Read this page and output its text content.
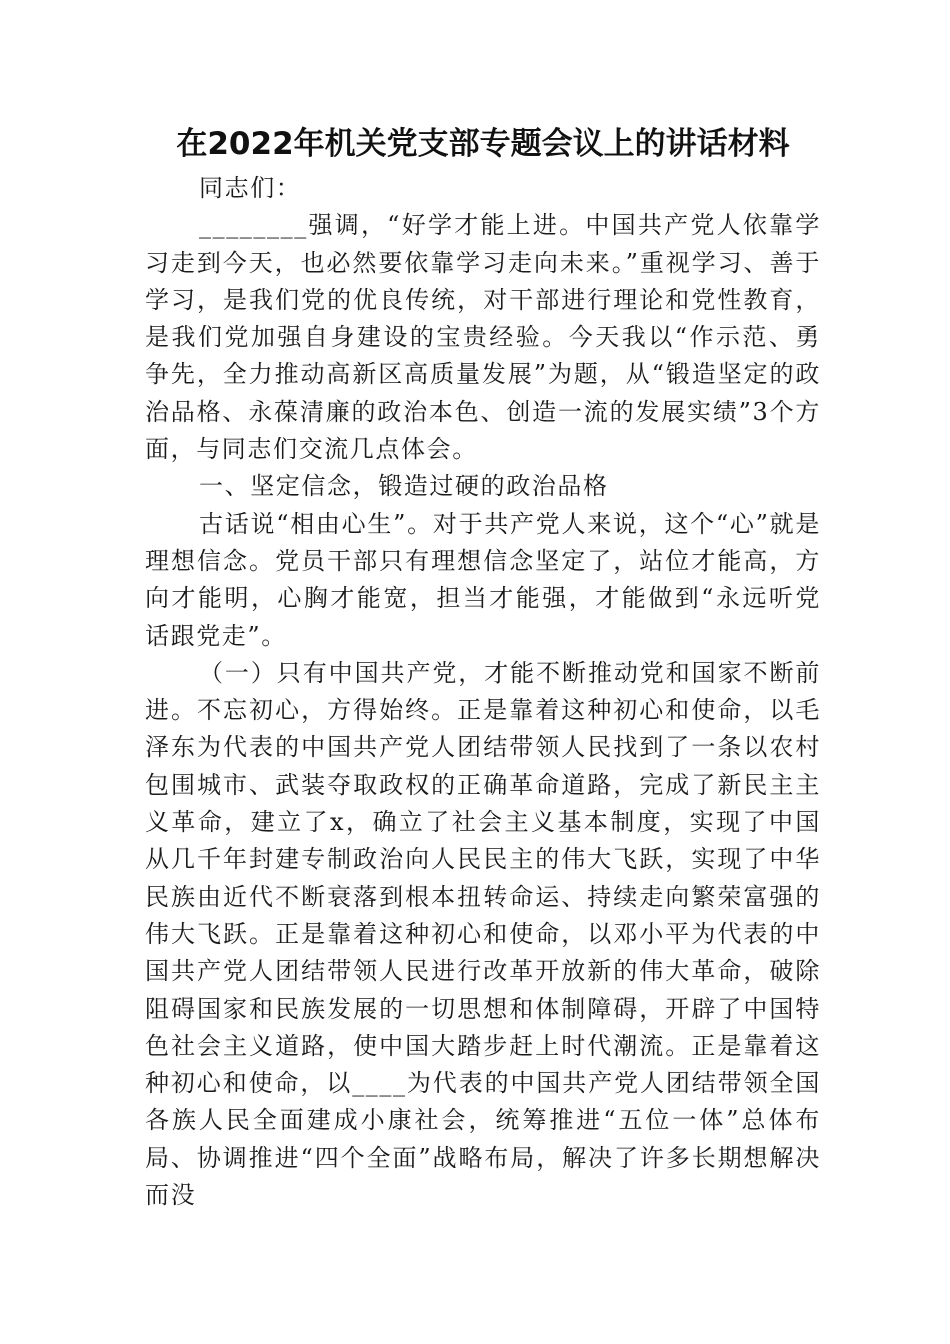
在2022年机关党支部专题会议上的讲话材料

同志们：

________强调，“好学才能上进。中国共产党人依靠学习走到今天，也必然要依靠学习走向未来。”重视学习、善于学习，是我们党的优良传统，对干部进行理论和党性教育，是我们党加强自身建设的宝贵经验。今天我以“作示范、勇争先，全力推动高新区高质量发展”为题，从“锻造坚定的政治品格、永葆清廉的政治本色、创造一流的发展实绩”3个方面，与同志们交流几点体会。

一、坚定信念，锻造过硬的政治品格

古话说“相由心生”。对于共产党人来说，这个“心”就是理想信念。党员干部只有理想信念坚定了，站位才能高，方向才能明，心胸才能宽，担当才能强，才能做到“永远听党话跟党走”。

（一）只有中国共产党，才能不断推动党和国家不断前进。不忘初心，方得始终。正是靠着这种初心和使命，以毛泽东为代表的中国共产党人团结带领人民找到了一条以农村包围城市、武装夺取政权的正确革命道路，完成了新民主主义革命，建立了x，确立了社会主义基本制度，实现了中国从几千年封建专制政治向人民民主的伟大飞跃，实现了中华民族由近代不断衰落到根本扭转命运、持续走向繁荣富强的伟大飞跃。正是靠着这种初心和使命，以邓小平为代表的中国共产党人团结带领人民进行改革开放新的伟大革命，破除阻碍国家和民族发展的一切思想和体制障碍，开辟了中国特色社会主义道路，使中国大踏步赶上时代潮流。正是靠着这种初心和使命，以____为代表的中国共产党人团结带领全国各族人民全面建成小康社会，统筹推进“五位一体”总体布局、协调推进“四个全面”战略布局，解决了许多长期想解决而没
